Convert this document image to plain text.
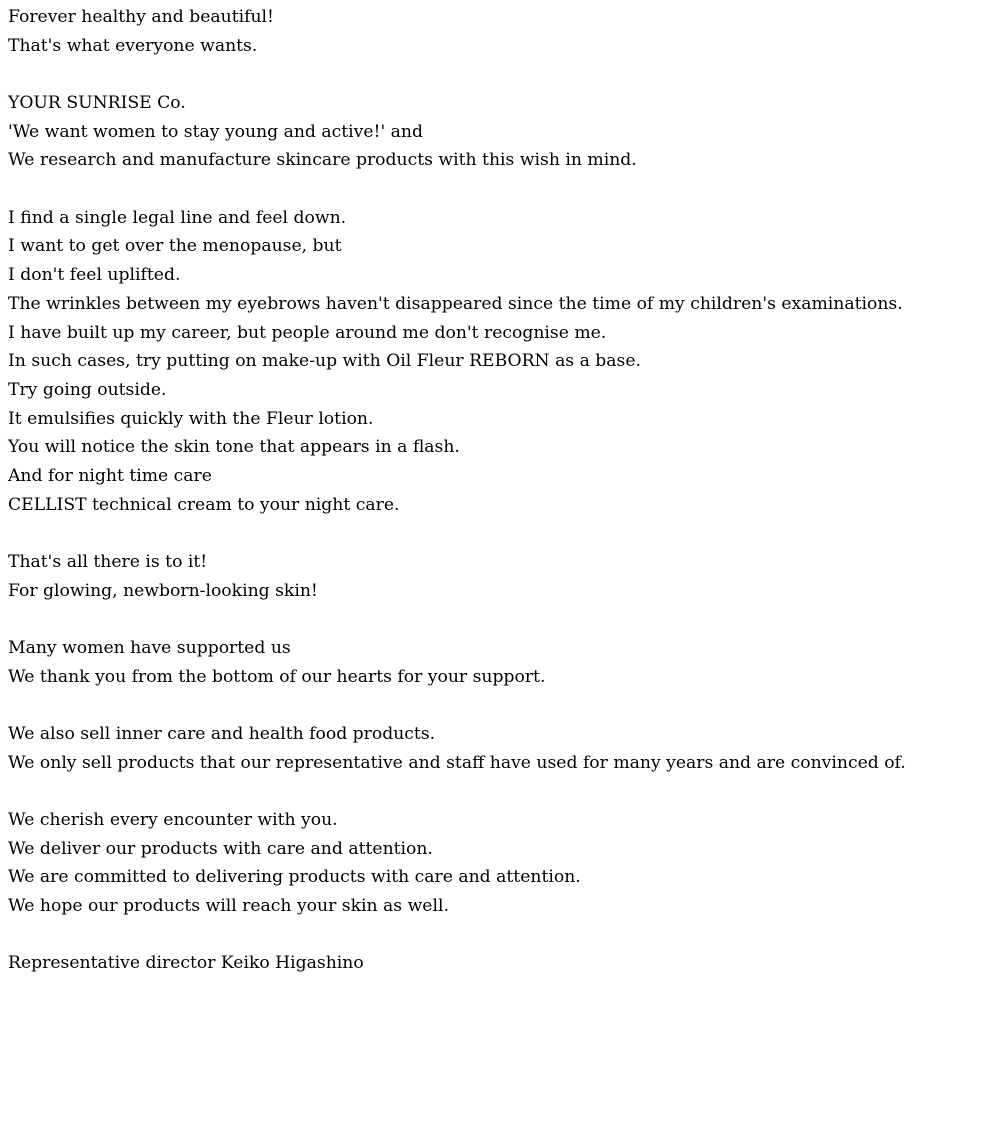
Forever healthy and beautiful!
That's what everyone wants.
YOUR SUNRISE Co.
'We want women to stay young and active!' and
We research and manufacture skincare products with this wish in mind.
I find a single legal line and feel down.
I want to get over the menopause, but
I don't feel uplifted.
The wrinkles between my eyebrows haven't disappeared since the time of my children's examinations.
I have built up my career, but people around me don't recognise me.
In such cases, try putting on make-up with Oil Fleur REBORN as a base.
Try going outside.
It emulsifies quickly with the Fleur lotion.
You will notice the skin tone that appears in a flash.
And for night time care
CELLIST technical cream to your night care.
That's all there is to it!
For glowing, newborn-looking skin!
Many women have supported us
We thank you from the bottom of our hearts for your support.
We also sell inner care and health food products.
We only sell products that our representative and staff have used for many years and are convinced of.
We cherish every encounter with you.
We deliver our products with care and attention.
We are committed to delivering products with care and attention.
We hope our products will reach your skin as well.
Representative director Keiko Higashino
